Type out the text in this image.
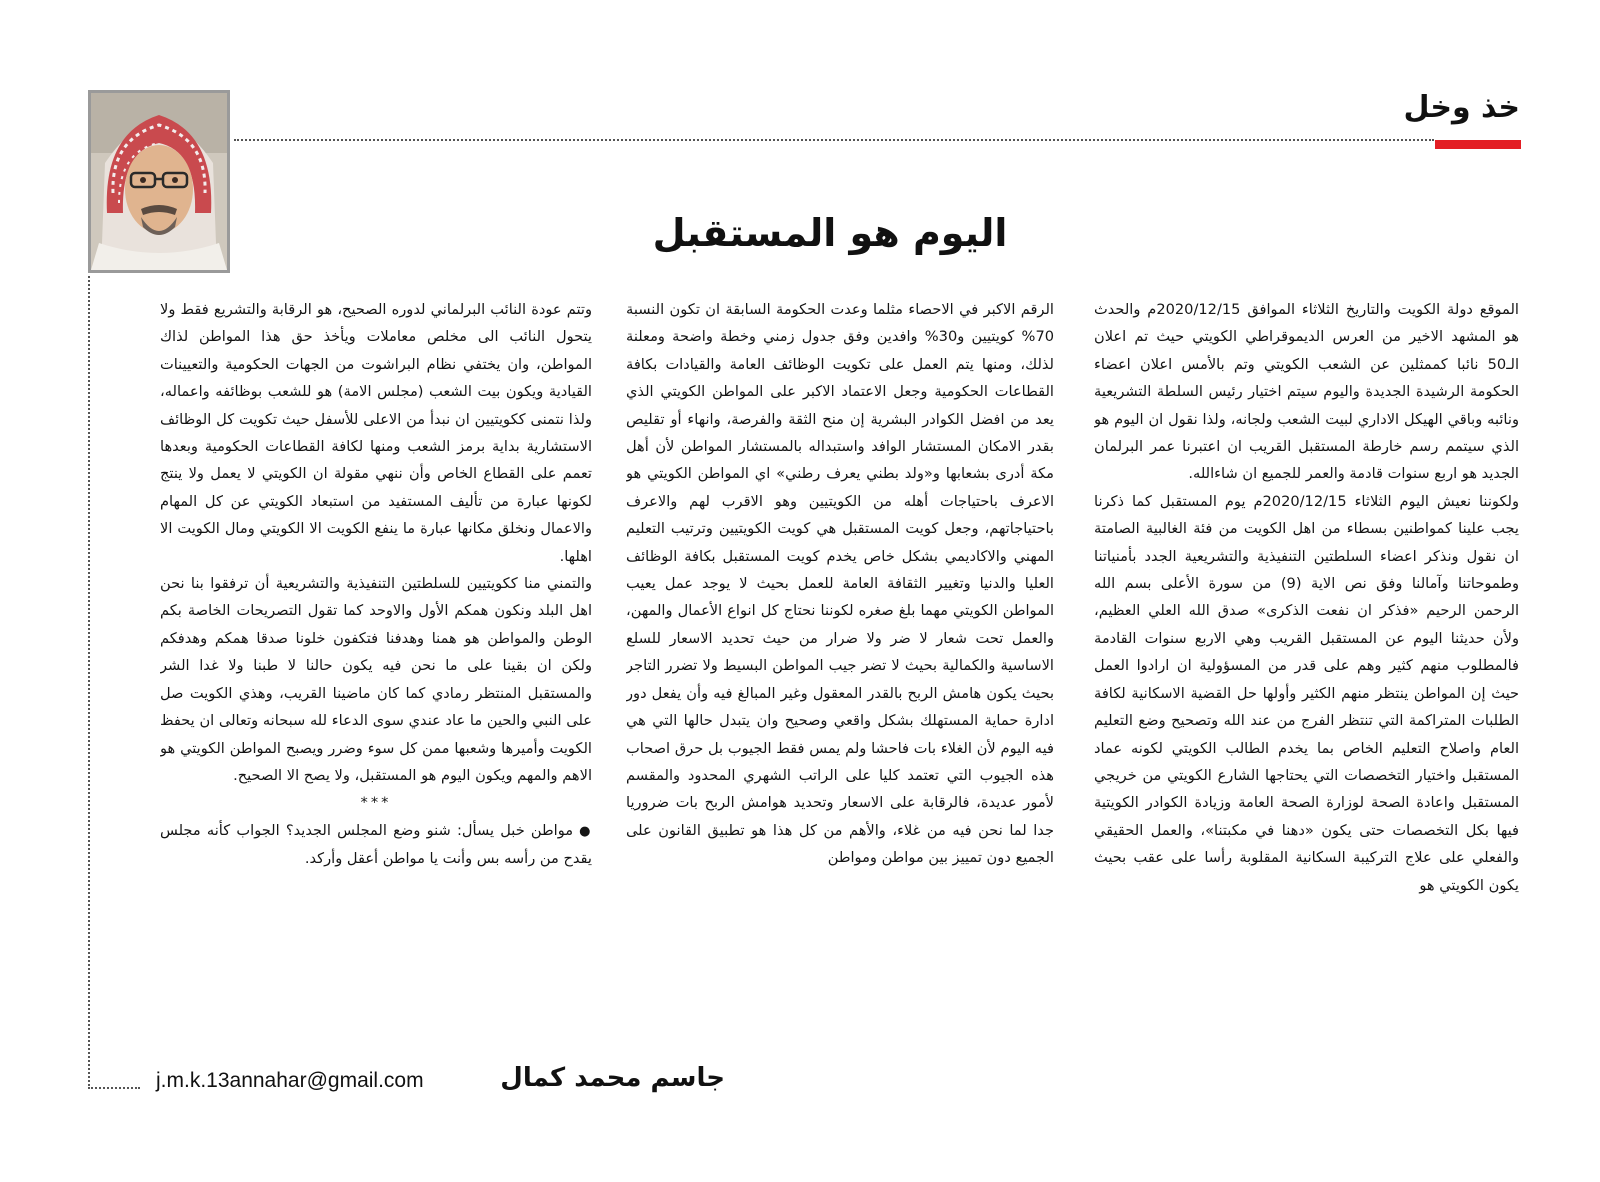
خذ وخل
اليوم هو المستقبل

الموقع دولة الكويت والتاريخ الثلاثاء الموافق 2020/12/15م والحدث هو المشهد الاخير من العرس الديموقراطي الكويتي حيث تم اعلان الـ50 نائبا كممثلين عن الشعب الكويتي وتم بالأمس اعلان اعضاء الحكومة الرشيدة الجديدة واليوم سيتم اختيار رئيس السلطة التشريعية ونائبه وباقي الهيكل الاداري لبيت الشعب ولجانه، ولذا نقول ان اليوم هو الذي سيتمم رسم خارطة المستقبل القريب ان اعتبرنا عمر البرلمان الجديد هو اربع سنوات قادمة والعمر للجميع ان شاءالله.

ولكوننا نعيش اليوم الثلاثاء 2020/12/15م يوم المستقبل كما ذكرنا يجب علينا كمواطنين بسطاء من اهل الكويت من فئة الغالبية الصامتة ان نقول ونذكر اعضاء السلطتين التنفيذية والتشريعية الجدد بأمنياتنا وطموحاتنا وآمالنا وفق نص الاية (9) من سورة الأعلى بسم الله الرحمن الرحيم «فذكر ان نفعت الذكرى» صدق الله العلي العظيم، ولأن حديثنا اليوم عن المستقبل القريب وهي الاربع سنوات القادمة فالمطلوب منهم كثير وهم على قدر من المسؤولية ان ارادوا العمل حيث إن المواطن ينتظر منهم الكثير وأولها حل القضية الاسكانية لكافة الطلبات المتراكمة التي تنتظر الفرج من عند الله وتصحيح وضع التعليم العام واصلاح التعليم الخاص بما يخدم الطالب الكويتي لكونه عماد المستقبل واختيار التخصصات التي يحتاجها الشارع الكويتي من خريجي المستقبل واعادة الصحة لوزارة الصحة العامة وزيادة الكوادر الكويتية فيها بكل التخصصات حتى يكون «دهنا في مكبتنا»، والعمل الحقيقي والفعلي على علاج التركيبة السكانية المقلوبة رأسا على عقب بحيث يكون الكويتي هو

الرقم الاكبر في الاحصاء مثلما وعدت الحكومة السابقة ان تكون النسبة 70% كويتيين و30% وافدين وفق جدول زمني وخطة واضحة ومعلنة لذلك، ومنها يتم العمل على تكويت الوظائف العامة والقيادات بكافة القطاعات الحكومية وجعل الاعتماد الاكبر على المواطن الكويتي الذي يعد من افضل الكوادر البشرية إن منح الثقة والفرصة، وانهاء أو تقليص بقدر الامكان المستشار الوافد واستبداله بالمستشار المواطن لأن أهل مكة أدرى بشعابها و«ولد بطني يعرف رطني» اي المواطن الكويتي هو الاعرف باحتياجات أهله من الكويتيين وهو الاقرب لهم والاعرف باحتياجاتهم، وجعل كويت المستقبل هي كويت الكويتيين وترتيب التعليم المهني والاكاديمي بشكل خاص يخدم كويت المستقبل بكافة الوظائف العليا والدنيا وتغيير الثقافة العامة للعمل بحيث لا يوجد عمل يعيب المواطن الكويتي مهما بلغ صغره لكوننا نحتاج كل انواع الأعمال والمهن، والعمل تحت شعار لا ضر ولا ضرار من حيث تحديد الاسعار للسلع الاساسية والكمالية بحيث لا تضر جيب المواطن البسيط ولا تضرر التاجر بحيث يكون هامش الربح بالقدر المعقول وغير المبالغ فيه وأن يفعل دور ادارة حماية المستهلك بشكل واقعي وصحيح وان يتبدل حالها التي هي فيه اليوم لأن الغلاء بات فاحشا ولم يمس فقط الجيوب بل حرق اصحاب هذه الجيوب التي تعتمد كليا على الراتب الشهري المحدود والمقسم لأمور عديدة، فالرقابة على الاسعار وتحديد هوامش الربح بات ضروريا جدا لما نحن فيه من غلاء، والأهم من كل هذا هو تطبيق القانون على الجميع دون تمييز بين مواطن ومواطن

وتتم عودة النائب البرلماني لدوره الصحيح، هو الرقابة والتشريع فقط ولا يتحول النائب الى مخلص معاملات ويأخذ حق هذا المواطن لذاك المواطن، وان يختفي نظام البراشوت من الجهات الحكومية والتعيينات القيادية ويكون بيت الشعب (مجلس الامة) هو للشعب بوظائفه واعماله، ولذا نتمنى ككويتيين ان نبدأ من الاعلى للأسفل حيث تكويت كل الوظائف الاستشارية بداية برمز الشعب ومنها لكافة القطاعات الحكومية وبعدها تعمم على القطاع الخاص وأن ننهي مقولة ان الكويتي لا يعمل ولا ينتج لكونها عبارة من تأليف المستفيد من استبعاد الكويتي عن كل المهام والاعمال ونخلق مكانها عبارة ما ينفع الكويت الا الكويتي ومال الكويت الا اهلها.

والتمني منا ككويتيين للسلطتين التنفيذية والتشريعية أن ترفقوا بنا نحن اهل البلد ونكون همكم الأول والاوحد كما تقول التصريحات الخاصة بكم الوطن والمواطن هو همنا وهدفنا فتكفون خلونا صدقا همكم وهدفكم ولكن ان بقينا على ما نحن فيه يكون حالنا لا طبنا ولا غدا الشر والمستقبل المنتظر رمادي كما كان ماضينا القريب، وهذي الكويت صل على النبي والحين ما عاد عندي سوى الدعاء لله سبحانه وتعالى ان يحفظ الكويت وأميرها وشعبها ممن كل سوء وضرر ويصبح المواطن الكويتي هو الاهم والمهم ويكون اليوم هو المستقبل، ولا يصح الا الصحيح.

***

● مواطن خبل يسأل: شنو وضع المجلس الجديد؟ الجواب كأنه مجلس يقدح من رأسه بس وأنت يا مواطن أعقل وأركد.

j.m.k.13annahar@gmail.com	جاسم محمد كمال
